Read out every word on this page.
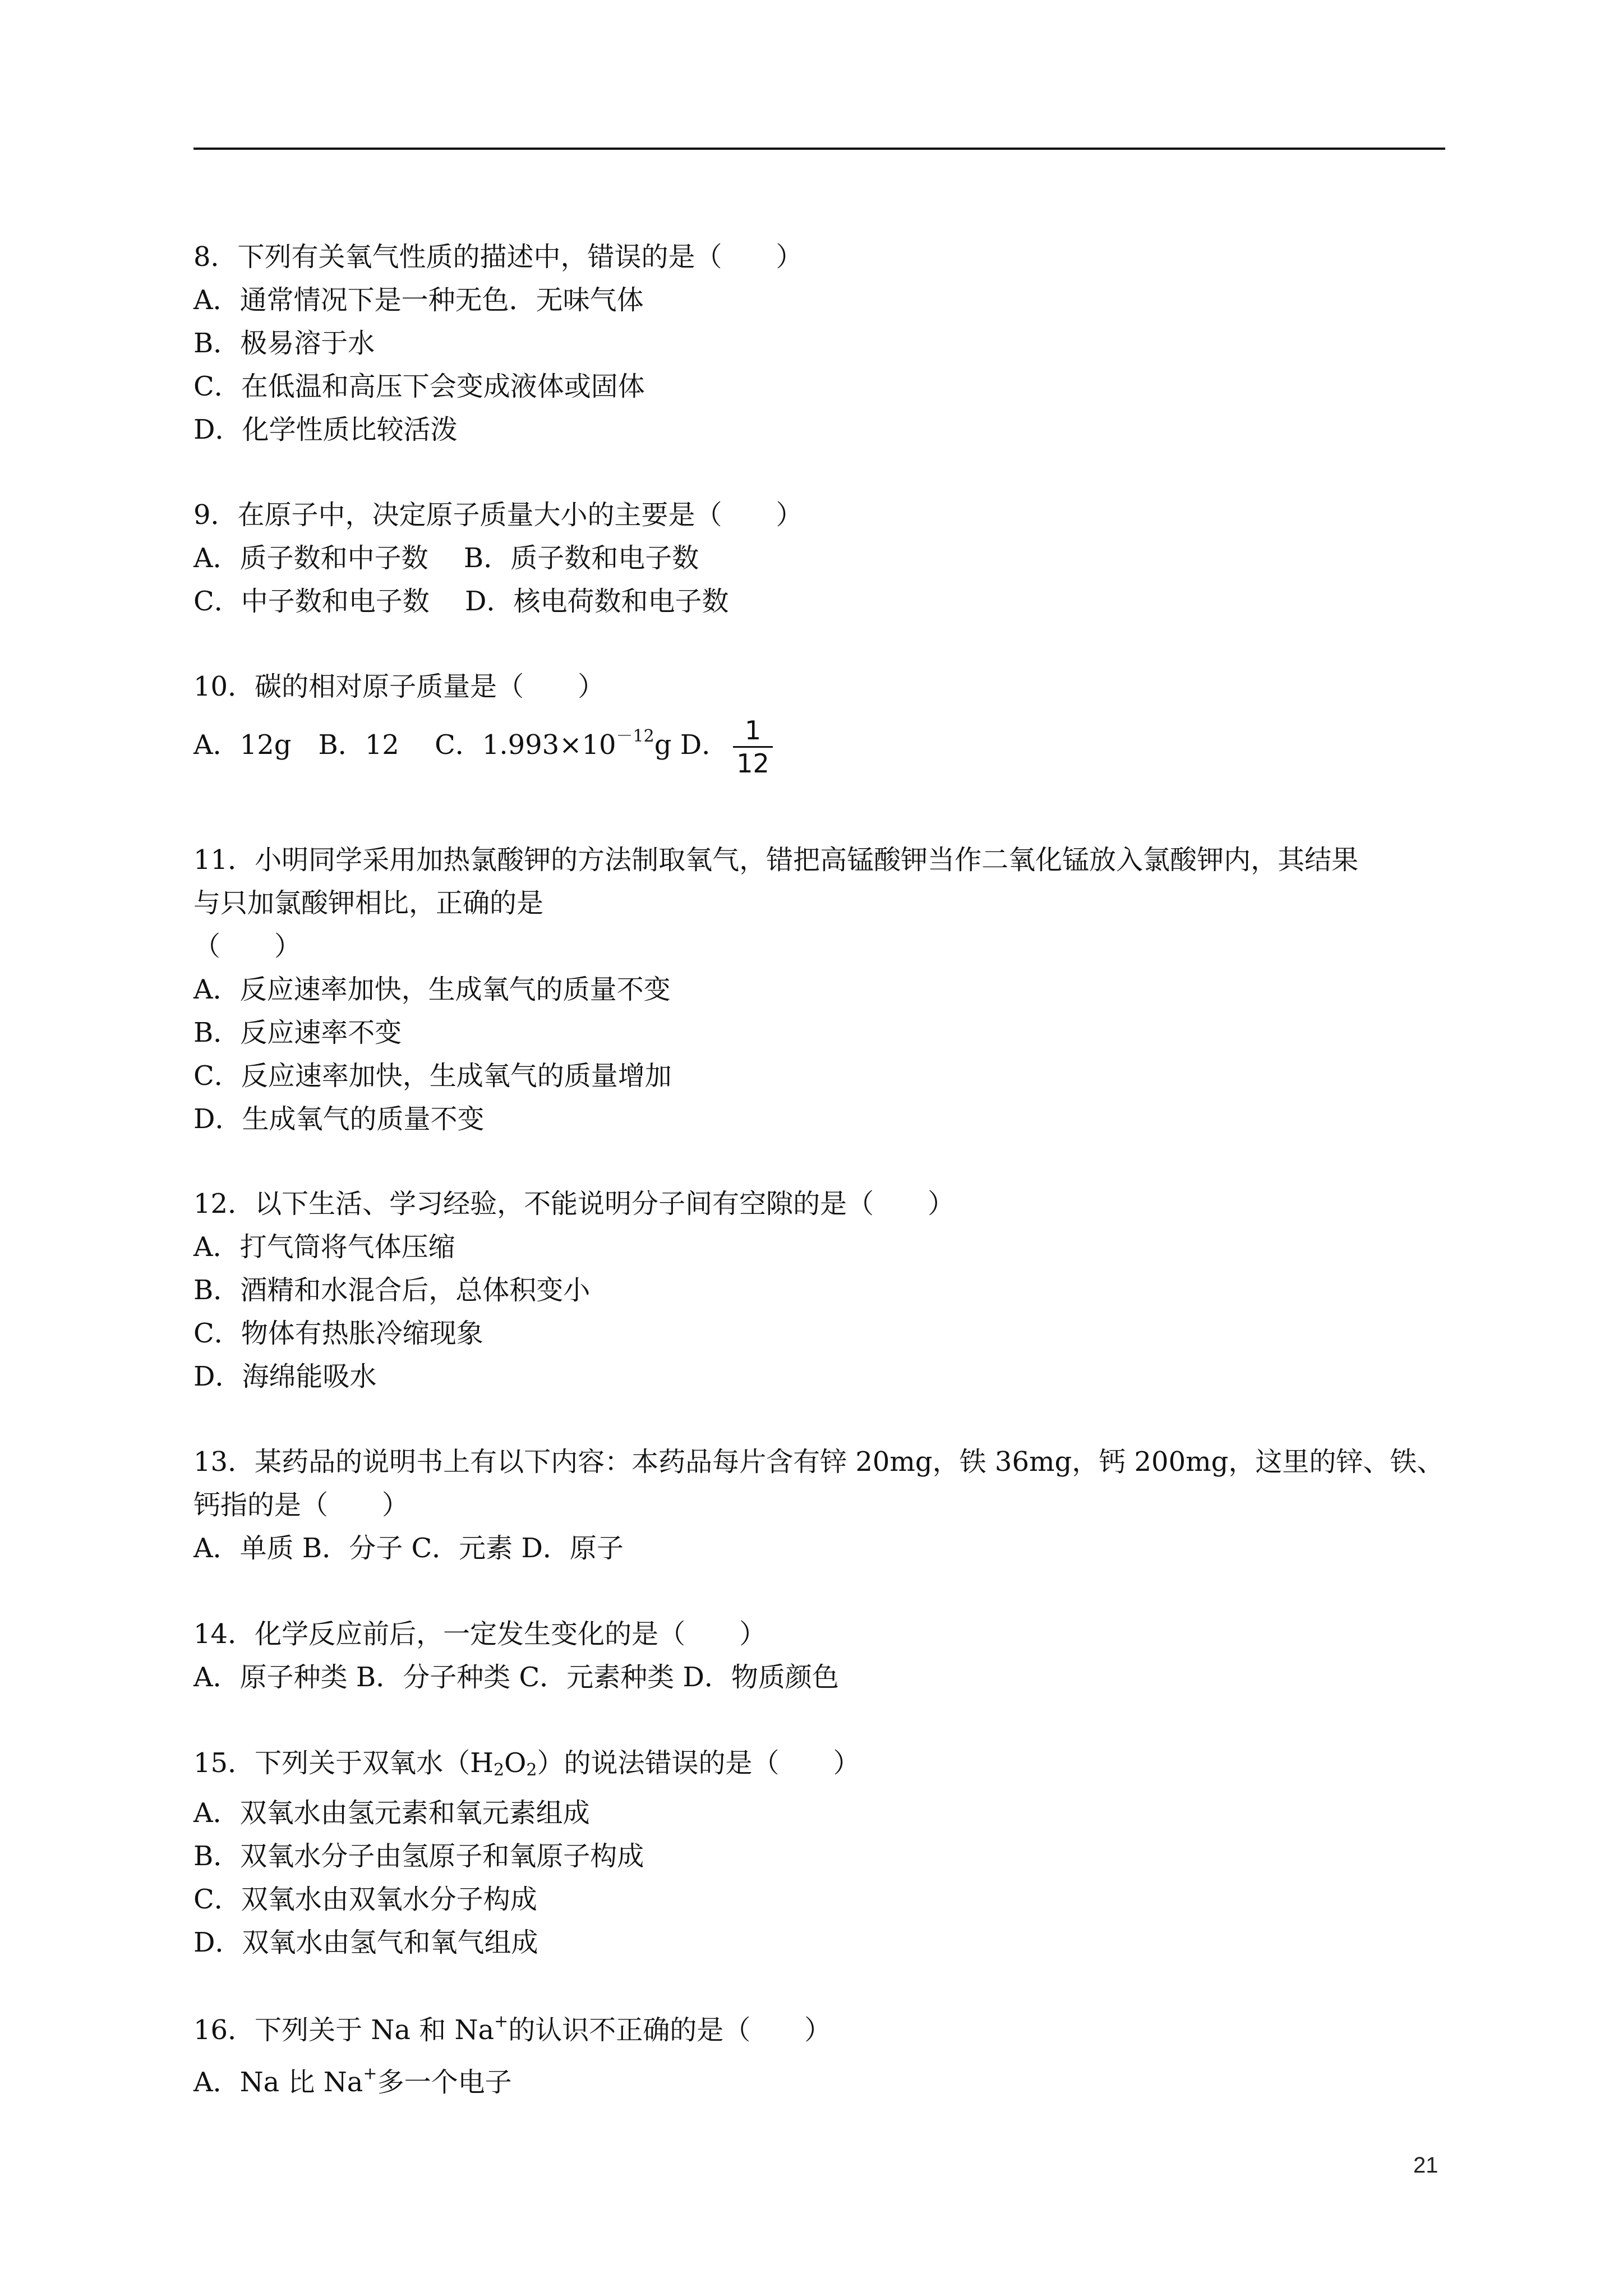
8．下列有关氧气性质的描述中，错误的是（　　）
A．通常情况下是一种无色．无味气体
B．极易溶于水
C．在低温和高压下会变成液体或固体
D．化学性质比较活泼
9．在原子中，决定原子质量大小的主要是（　　）
A．质子数和中子数　 B．质子数和电子数
C．中子数和电子数　 D．核电荷数和电子数
10．碳的相对原子质量是（　　）
A．12g　B．12　 C．$1.993\times 10^{-12}g$ D． $\frac{1}{12}$
11．小明同学采用加热氯酸钾的方法制取氧气，错把高锰酸钾当作二氧化锰放入氯酸钾内，其结果
与只加氯酸钾相比，正确的是
（　　）
A．反应速率加快，生成氧气的质量不变
B．反应速率不变
C．反应速率加快，生成氧气的质量增加
D．生成氧气的质量不变
12．以下生活、学习经验，不能说明分子间有空隙的是（　　）
A．打气筒将气体压缩
B．酒精和水混合后，总体积变小
C．物体有热胀冷缩现象
D．海绵能吸水
13．某药品的说明书上有以下内容：本药品每片含有锌 20mg，铁 36mg，钙 200mg，这里的锌、铁、
钙指的是（　　）
A．单质 B．分子 C．元素 D．原子
14．化学反应前后，一定发生变化的是（　　）
A．原子种类 B．分子种类 C．元素种类 D．物质颜色
15．下列关于双氧水$(H_2O_2)$的说法错误的是（　　）
A．双氧水由氢元素和氧元素组成
B．双氧水分子由氢原子和氧原子构成
C．双氧水由双氧水分子构成
D．双氧水由氢气和氧气组成
16．下列关于 Na 和 Na+的认识不正确的是（　　）
A．Na 比 Na+多一个电子
21
